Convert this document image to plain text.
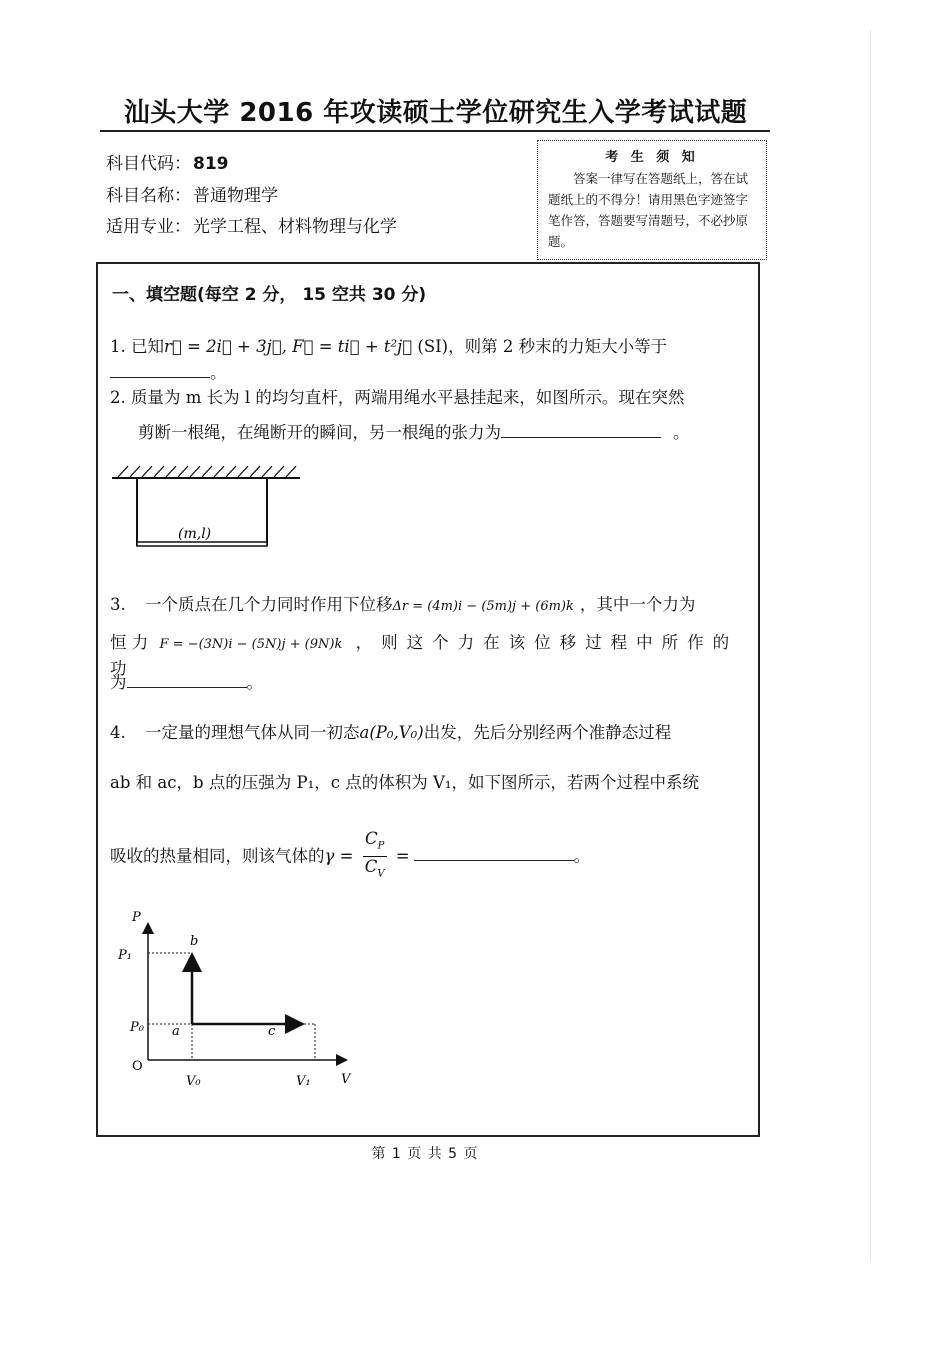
汕头大学 2016 年攻读硕士学位研究生入学考试试题
科目代码： 819
科目名称： 普通物理学
适用专业： 光学工程、材料物理与化学
考 生 须 知
答案一律写在答题纸上，答在试题纸上的不得分！请用黑色字迹签字笔作答，答题要写清题号，不必抄原题。
一、填空题(每空 2 分， 15 空共 30 分)
1. 已知r⃗ = 2i⃗ + 3j⃗, F⃗ = ti⃗ + t²j⃗ (SI)，则第 2 秒末的力矩大小等于。
2. 质量为 m 长为 l 的均匀直杆，两端用绳水平悬挂起来，如图所示。现在突然
剪断一根绳，在绳断开的瞬间，另一根绳的张力为	。
(m,l)
3. 一个质点在几个力同时作用下位移Δr = (4m)i − (5m)j + (6m)k ，其中一个力为
恒 力 F = −(3N)i − (5N)j + (9N)k ，则这个力在该位移过程中所作的功
为	。
4. 一定量的理想气体从同一初态a(P₀,V₀)出发，先后分别经两个准静态过程
ab 和 ac，b 点的压强为 P₁，c 点的体积为 V₁，如下图所示，若两个过程中系统
吸收的热量相同，则该气体的$\gamma = \frac{C_P}{C_V}$ =	。
P
V
O
P₁
P₀
V₀	V₁
a
b
c
第 1 页 共 5 页
